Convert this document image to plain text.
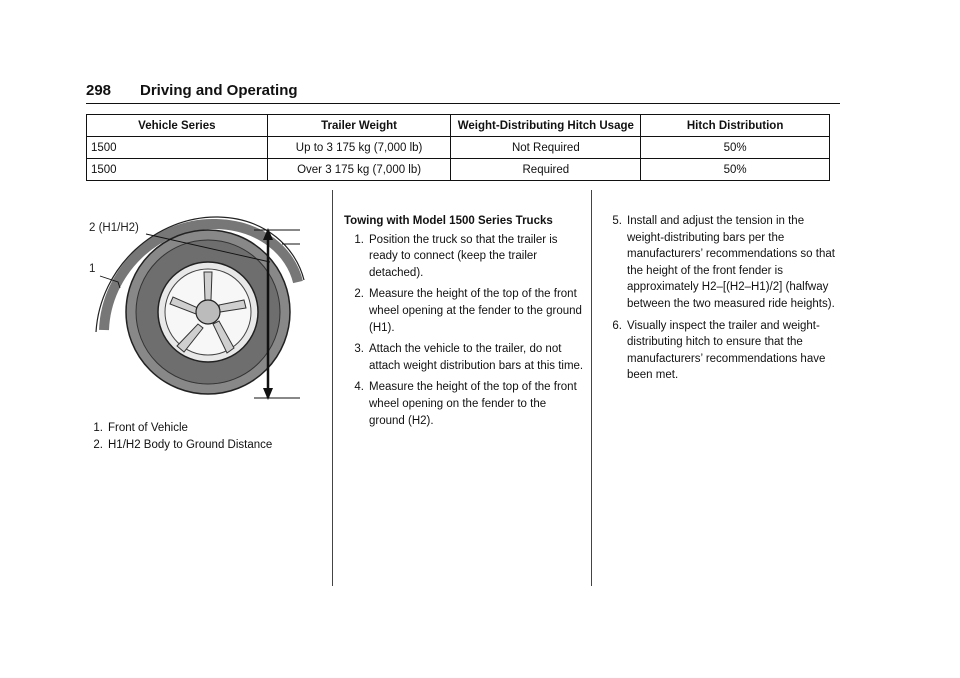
298 Driving and Operating
Vehicle Series	Trailer Weight	Weight-Distributing Hitch Usage	Hitch Distribution
1500	Up to 3 175 kg (7,000 lb)	Not Required	50%
1500	Over 3 175 kg (7,000 lb)	Required	50%
2 (H1/H2)
1
1. Front of Vehicle
2. H1/H2 Body to Ground Distance
Towing with Model 1500 Series Trucks
1. Position the truck so that the trailer is ready to connect (keep the trailer detached).
2. Measure the height of the top of the front wheel opening at the fender to the ground (H1).
3. Attach the vehicle to the trailer, do not attach weight distribution bars at this time.
4. Measure the height of the top of the front wheel opening on the fender to the ground (H2).
5. Install and adjust the tension in the weight-distributing bars per the manufacturers’ recommendations so that the height of the front fender is approximately H2–[(H2–H1)/2] (halfway between the two measured ride heights).
6. Visually inspect the trailer and weight-distributing hitch to ensure that the manufacturers’ recommendations have been met.
